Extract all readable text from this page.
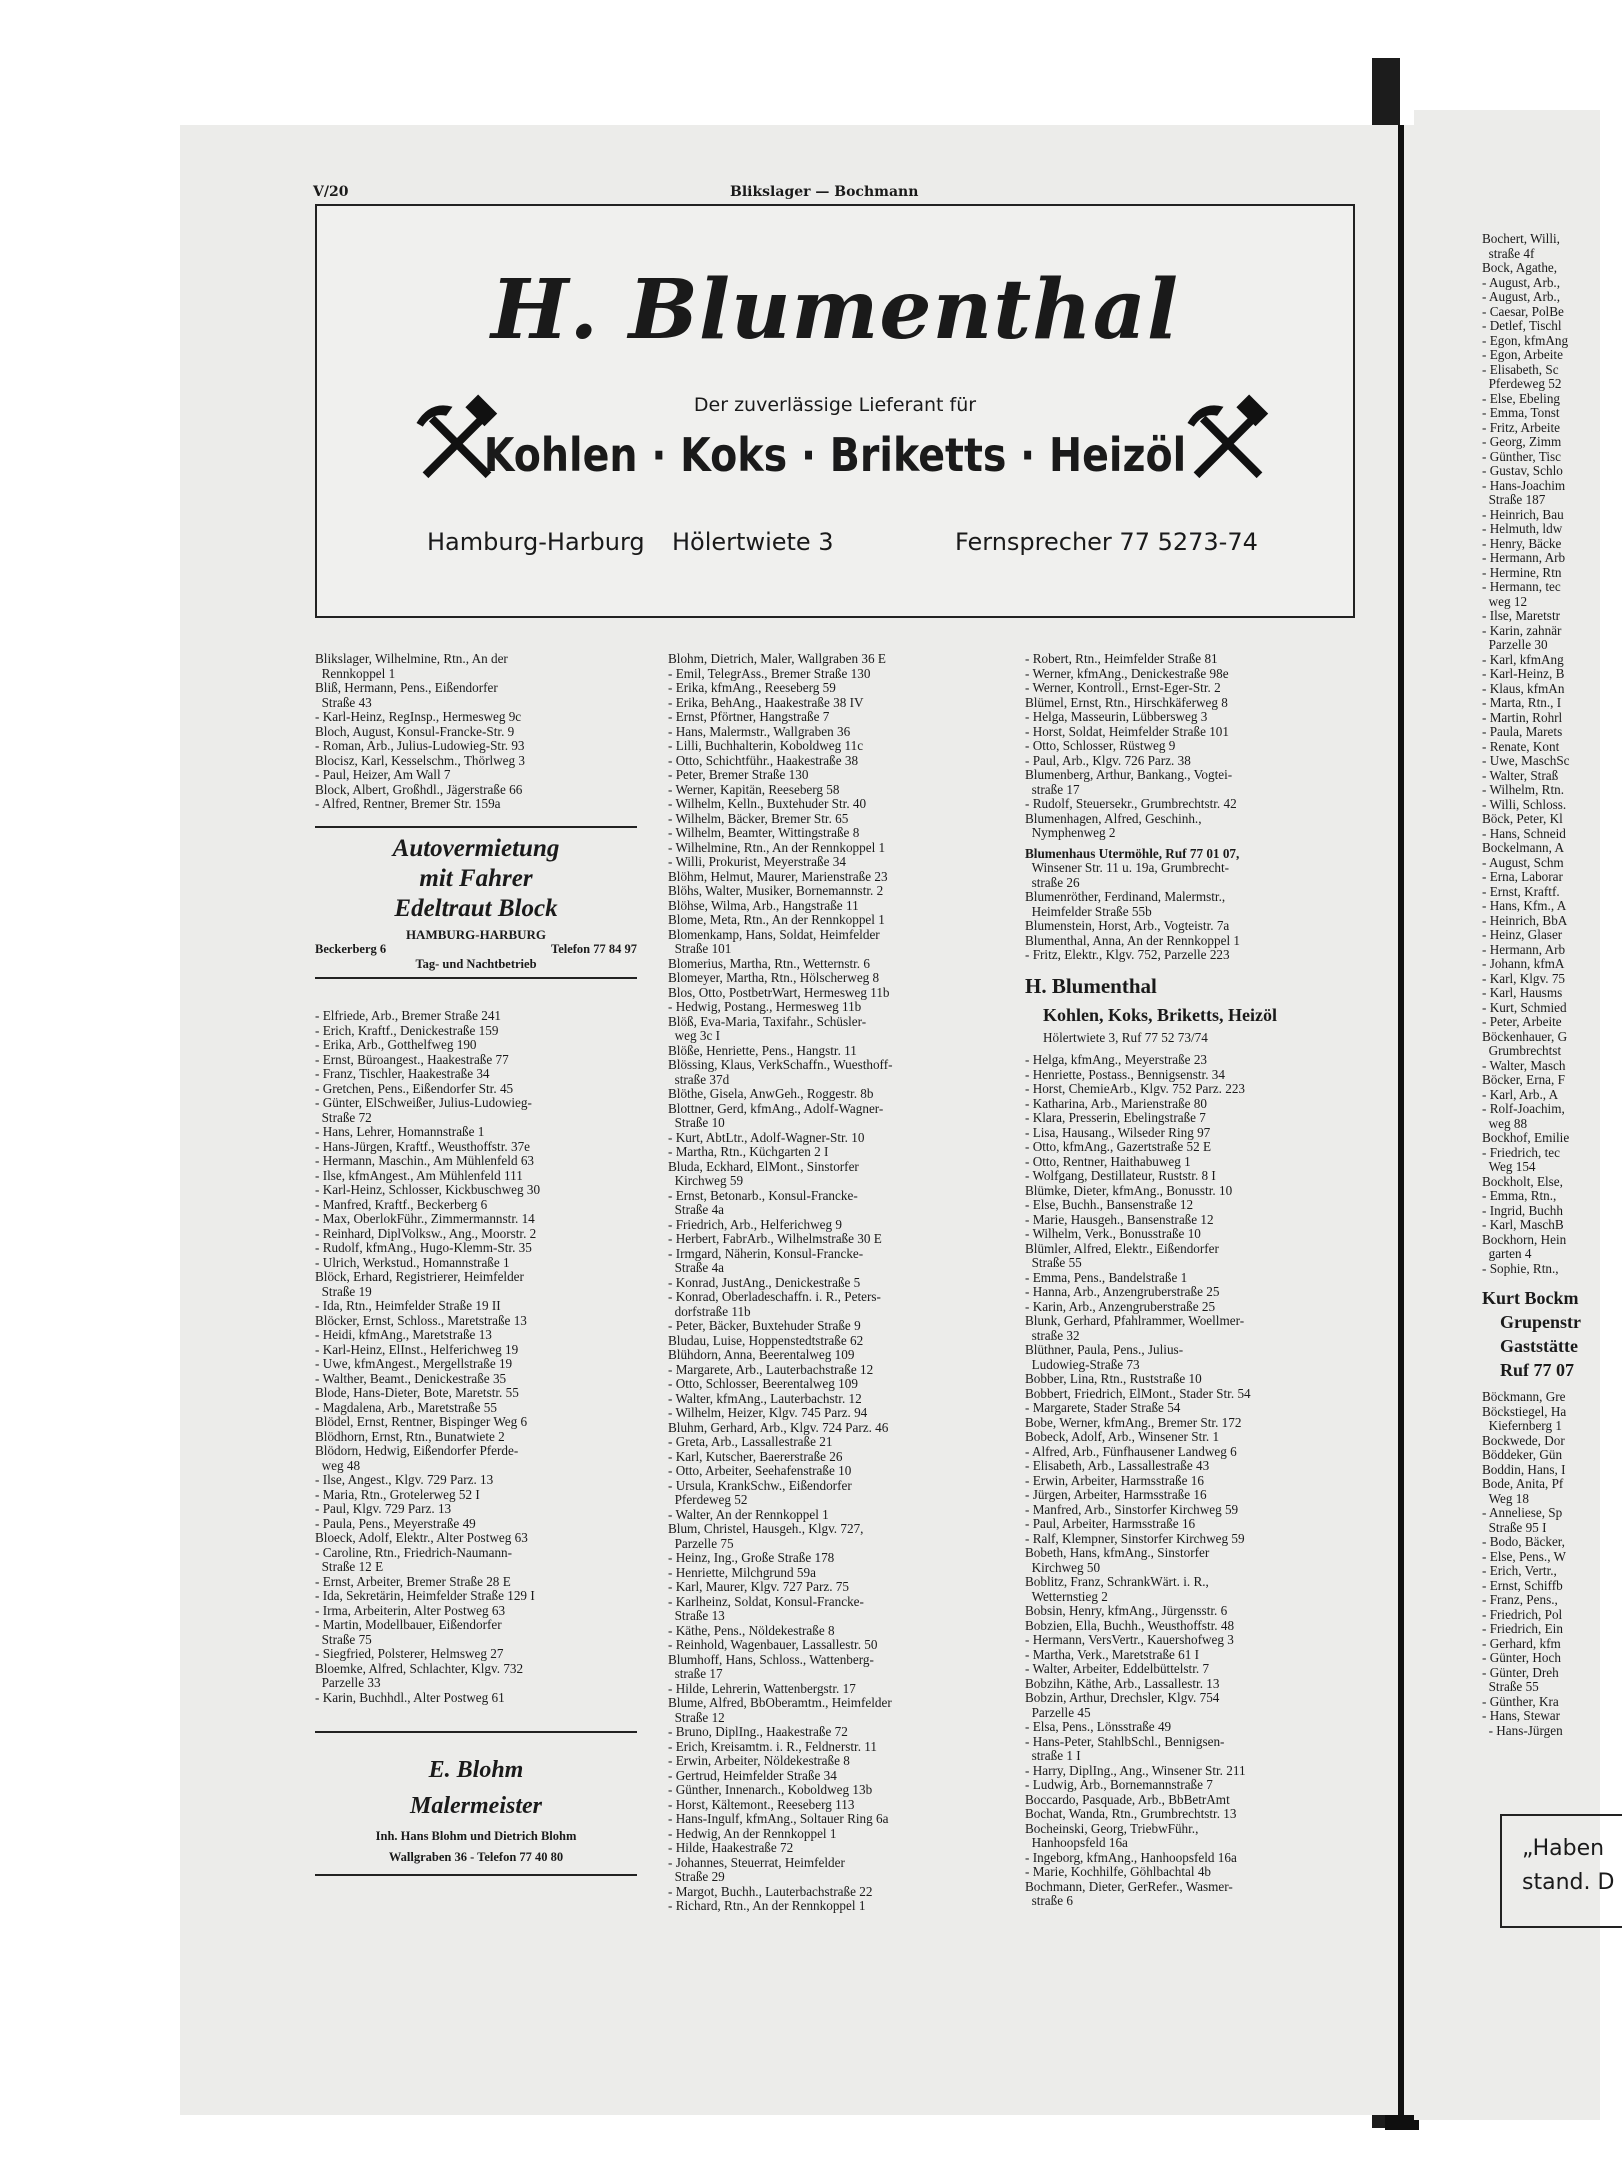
V/20	Blikslager — Bochmann
H. Blumenthal
Der zuverlässige Lieferant für
Kohlen · Koks · Briketts · Heizöl
Hamburg-Harburg Hölertwiete 3	Fernsprecher 77 5273-74
Blikslager, Wilhelmine, Rtn., An der
Rennkoppel 1
Bliß, Hermann, Pens., Eißendorfer
Straße 43
- Karl-Heinz, RegInsp., Hermesweg 9c
Bloch, August, Konsul-Francke-Str. 9
- Roman, Arb., Julius-Ludowieg-Str. 93
Blocisz, Karl, Kesselschm., Thörlweg 3
- Paul, Heizer, Am Wall 7
Block, Albert, Großhdl., Jägerstraße 66
- Alfred, Rentner, Bremer Str. 159a
Autovermietung
mit Fahrer
Edeltraut Block
HAMBURG-HARBURG
Beckerberg 6	Telefon 77 84 97
Tag- und Nachtbetrieb
- Elfriede, Arb., Bremer Straße 241
- Erich, Kraftf., Denickestraße 159
- Erika, Arb., Gotthelfweg 190
- Ernst, Büroangest., Haakestraße 77
- Franz, Tischler, Haakestraße 34
- Gretchen, Pens., Eißendorfer Str. 45
- Günter, ElSchweißer, Julius-Ludowieg-
Straße 72
- Hans, Lehrer, Homannstraße 1
- Hans-Jürgen, Kraftf., Weusthoffstr. 37e
- Hermann, Maschin., Am Mühlenfeld 63
- Ilse, kfmAngest., Am Mühlenfeld 111
- Karl-Heinz, Schlosser, Kickbuschweg 30
- Manfred, Kraftf., Beckerberg 6
- Max, OberlokFühr., Zimmermannstr. 14
- Reinhard, DiplVolksw., Ang., Moorstr. 2
- Rudolf, kfmAng., Hugo-Klemm-Str. 35
- Ulrich, Werkstud., Homannstraße 1
Blöck, Erhard, Registrierer, Heimfelder
Straße 19
- Ida, Rtn., Heimfelder Straße 19 II
Blöcker, Ernst, Schloss., Maretstraße 13
- Heidi, kfmAng., Maretstraße 13
- Karl-Heinz, ElInst., Helferichweg 19
- Uwe, kfmAngest., Mergellstraße 19
- Walther, Beamt., Denickestraße 35
Blode, Hans-Dieter, Bote, Maretstr. 55
- Magdalena, Arb., Maretstraße 55
Blödel, Ernst, Rentner, Bispinger Weg 6
Blödhorn, Ernst, Rtn., Bunatwiete 2
Blödorn, Hedwig, Eißendorfer Pferde-
weg 48
- Ilse, Angest., Klgv. 729 Parz. 13
- Maria, Rtn., Grotelerweg 52 I
- Paul, Klgv. 729 Parz. 13
- Paula, Pens., Meyerstraße 49
Bloeck, Adolf, Elektr., Alter Postweg 63
- Caroline, Rtn., Friedrich-Naumann-
Straße 12 E
- Ernst, Arbeiter, Bremer Straße 28 E
- Ida, Sekretärin, Heimfelder Straße 129 I
- Irma, Arbeiterin, Alter Postweg 63
- Martin, Modellbauer, Eißendorfer
Straße 75
- Siegfried, Polsterer, Helmsweg 27
Bloemke, Alfred, Schlachter, Klgv. 732
Parzelle 33
- Karin, Buchhdl., Alter Postweg 61
E. Blohm
Malermeister
Inh. Hans Blohm und Dietrich Blohm
Wallgraben 36 - Telefon 77 40 80
Blohm, Dietrich, Maler, Wallgraben 36 E
- Emil, TelegrAss., Bremer Straße 130
- Erika, kfmAng., Reeseberg 59
- Erika, BehAng., Haakestraße 38 IV
- Ernst, Pförtner, Hangstraße 7
- Hans, Malermstr., Wallgraben 36
- Lilli, Buchhalterin, Koboldweg 11c
- Otto, Schichtführ., Haakestraße 38
- Peter, Bremer Straße 130
- Werner, Kapitän, Reeseberg 58
- Wilhelm, Kelln., Buxtehuder Str. 40
- Wilhelm, Bäcker, Bremer Str. 65
- Wilhelm, Beamter, Wittingstraße 8
- Wilhelmine, Rtn., An der Rennkoppel 1
- Willi, Prokurist, Meyerstraße 34
Blöhm, Helmut, Maurer, Marienstraße 23
Blöhs, Walter, Musiker, Bornemannstr. 2
Blöhse, Wilma, Arb., Hangstraße 11
Blome, Meta, Rtn., An der Rennkoppel 1
Blomenkamp, Hans, Soldat, Heimfelder
Straße 101
Blomerius, Martha, Rtn., Wetternstr. 6
Blomeyer, Martha, Rtn., Hölscherweg 8
Blos, Otto, PostbetrWart, Hermesweg 11b
- Hedwig, Postang., Hermesweg 11b
Blöß, Eva-Maria, Taxifahr., Schüsler-
weg 3c I
Blöße, Henriette, Pens., Hangstr. 11
Blössing, Klaus, VerkSchaffn., Wuesthoff-
straße 37d
Blöthe, Gisela, AnwGeh., Roggestr. 8b
Blottner, Gerd, kfmAng., Adolf-Wagner-
Straße 10
- Kurt, AbtLtr., Adolf-Wagner-Str. 10
- Martha, Rtn., Küchgarten 2 I
Bluda, Eckhard, ElMont., Sinstorfer
Kirchweg 59
- Ernst, Betonarb., Konsul-Francke-
Straße 4a
- Friedrich, Arb., Helferichweg 9
- Herbert, FabrArb., Wilhelmstraße 30 E
- Irmgard, Näherin, Konsul-Francke-
Straße 4a
- Konrad, JustAng., Denickestraße 5
- Konrad, Oberladeschaffn. i. R., Peters-
dorfstraße 11b
- Peter, Bäcker, Buxtehuder Straße 9
Bludau, Luise, Hoppenstedtstraße 62
Blühdorn, Anna, Beerentalweg 109
- Margarete, Arb., Lauterbachstraße 12
- Otto, Schlosser, Beerentalweg 109
- Walter, kfmAng., Lauterbachstr. 12
- Wilhelm, Heizer, Klgv. 745 Parz. 94
Bluhm, Gerhard, Arb., Klgv. 724 Parz. 46
- Greta, Arb., Lassallestraße 21
- Karl, Kutscher, Baererstraße 26
- Otto, Arbeiter, Seehafenstraße 10
- Ursula, KrankSchw., Eißendorfer
Pferdeweg 52
- Walter, An der Rennkoppel 1
Blum, Christel, Hausgeh., Klgv. 727,
Parzelle 75
- Heinz, Ing., Große Straße 178
- Henriette, Milchgrund 59a
- Karl, Maurer, Klgv. 727 Parz. 75
- Karlheinz, Soldat, Konsul-Francke-
Straße 13
- Käthe, Pens., Nöldekestraße 8
- Reinhold, Wagenbauer, Lassallestr. 50
Blumhoff, Hans, Schloss., Wattenberg-
straße 17
- Hilde, Lehrerin, Wattenbergstr. 17
Blume, Alfred, BbOberamtm., Heimfelder
Straße 12
- Bruno, DiplIng., Haakestraße 72
- Erich, Kreisamtm. i. R., Feldnerstr. 11
- Erwin, Arbeiter, Nöldekestraße 8
- Gertrud, Heimfelder Straße 34
- Günther, Innenarch., Koboldweg 13b
- Horst, Kältemont., Reeseberg 113
- Hans-Ingulf, kfmAng., Soltauer Ring 6a
- Hedwig, An der Rennkoppel 1
- Hilde, Haakestraße 72
- Johannes, Steuerrat, Heimfelder
Straße 29
- Margot, Buchh., Lauterbachstraße 22
- Richard, Rtn., An der Rennkoppel 1
- Robert, Rtn., Heimfelder Straße 81
- Werner, kfmAng., Denickestraße 98e
- Werner, Kontroll., Ernst-Eger-Str. 2
Blümel, Ernst, Rtn., Hirschkäferweg 8
- Helga, Masseurin, Lübbersweg 3
- Horst, Soldat, Heimfelder Straße 101
- Otto, Schlosser, Rüstweg 9
- Paul, Arb., Klgv. 726 Parz. 38
Blumenberg, Arthur, Bankang., Vogtei-
straße 17
- Rudolf, Steuersekr., Grumbrechtstr. 42
Blumenhagen, Alfred, Geschinh.,
Nymphenweg 2
Blumenhaus Utermöhle, Ruf 77 01 07,
Winsener Str. 11 u. 19a, Grumbrecht-
straße 26
Blumenröther, Ferdinand, Malermstr.,
Heimfelder Straße 55b
Blumenstein, Horst, Arb., Vogteistr. 7a
Blumenthal, Anna, An der Rennkoppel 1
- Fritz, Elektr., Klgv. 752, Parzelle 223
H. Blumenthal
Kohlen, Koks, Briketts, Heizöl
Hölertwiete 3, Ruf 77 52 73/74
- Helga, kfmAng., Meyerstraße 23
- Henriette, Postass., Bennigsenstr. 34
- Horst, ChemieArb., Klgv. 752 Parz. 223
- Katharina, Arb., Marienstraße 80
- Klara, Presserin, Ebelingstraße 7
- Lisa, Hausang., Wilseder Ring 97
- Otto, kfmAng., Gazertstraße 52 E
- Otto, Rentner, Haithabuweg 1
- Wolfgang, Destillateur, Ruststr. 8 I
Blümke, Dieter, kfmAng., Bonusstr. 10
- Else, Buchh., Bansenstraße 12
- Marie, Hausgeh., Bansenstraße 12
- Wilhelm, Verk., Bonusstraße 10
Blümler, Alfred, Elektr., Eißendorfer
Straße 55
- Emma, Pens., Bandelstraße 1
- Hanna, Arb., Anzengruberstraße 25
- Karin, Arb., Anzengruberstraße 25
Blunk, Gerhard, Pfahlrammer, Woellmer-
straße 32
Blüthner, Paula, Pens., Julius-
Ludowieg-Straße 73
Bobber, Lina, Rtn., Ruststraße 10
Bobbert, Friedrich, ElMont., Stader Str. 54
- Margarete, Stader Straße 54
Bobe, Werner, kfmAng., Bremer Str. 172
Bobeck, Adolf, Arb., Winsener Str. 1
- Alfred, Arb., Fünfhausener Landweg 6
- Elisabeth, Arb., Lassallestraße 43
- Erwin, Arbeiter, Harmsstraße 16
- Jürgen, Arbeiter, Harmsstraße 16
- Manfred, Arb., Sinstorfer Kirchweg 59
- Paul, Arbeiter, Harmsstraße 16
- Ralf, Klempner, Sinstorfer Kirchweg 59
Bobeth, Hans, kfmAng., Sinstorfer
Kirchweg 50
Boblitz, Franz, SchrankWärt. i. R.,
Wetternstieg 2
Bobsin, Henry, kfmAng., Jürgensstr. 6
Bobzien, Ella, Buchh., Weusthoffstr. 48
- Hermann, VersVertr., Kauershofweg 3
- Martha, Verk., Maretstraße 61 I
- Walter, Arbeiter, Eddelbüttelstr. 7
Bobzihn, Käthe, Arb., Lassallestr. 13
Bobzin, Arthur, Drechsler, Klgv. 754
Parzelle 45
- Elsa, Pens., Lönsstraße 49
- Hans-Peter, StahlbSchl., Bennigsen-
straße 1 I
- Harry, DiplIng., Ang., Winsener Str. 211
- Ludwig, Arb., Bornemannstraße 7
Boccardo, Pasquade, Arb., BbBetrAmt
Bochat, Wanda, Rtn., Grumbrechtstr. 13
Bocheinski, Georg, TriebwFühr.,
Hanhoopsfeld 16a
- Ingeborg, kfmAng., Hanhoopsfeld 16a
- Marie, Kochhilfe, Göhlbachtal 4b
Bochmann, Dieter, GerRefer., Wasmer-
straße 6
Bochert, Willi,
straße 4f
Bock, Agathe,
- August, Arb.,
- August, Arb.,
- Caesar, PolBe
- Detlef, Tischl
- Egon, kfmAng
- Egon, Arbeite
- Elisabeth, Sc
Pferdeweg 52
- Else, Ebeling
- Emma, Tonst
- Fritz, Arbeite
- Georg, Zimm
- Günther, Tisc
- Gustav, Schlo
- Hans-Joachim
Straße 187
- Heinrich, Bau
- Helmuth, ldw
- Henry, Bäcke
- Hermann, Arb
- Hermine, Rtn
- Hermann, tec
weg 12
- Ilse, Maretstr
- Karin, zahnär
Parzelle 30
- Karl, kfmAng
- Karl-Heinz, B
- Klaus, kfmAn
- Marta, Rtn., I
- Martin, Rohrl
- Paula, Marets
- Renate, Kont
- Uwe, MaschSc
- Walter, Straß
- Wilhelm, Rtn.
- Willi, Schloss.
Böck, Peter, Kl
- Hans, Schneid
Bockelmann, A
- August, Schm
- Erna, Laborar
- Ernst, Kraftf.
- Hans, Kfm., A
- Heinrich, BbA
- Heinz, Glaser
- Hermann, Arb
- Johann, kfmA
- Karl, Klgv. 75
- Karl, Hausms
- Kurt, Schmied
- Peter, Arbeite
Böckenhauer, G
Grumbrechtst
- Walter, Masch
Böcker, Erna, F
- Karl, Arb., A
- Rolf-Joachim,
weg 88
Bockhof, Emilie
- Friedrich, tec
Weg 154
Bockholt, Else,
- Emma, Rtn.,
- Ingrid, Buchh
- Karl, MaschB
Bockhorn, Hein
garten 4
- Sophie, Rtn.,
Kurt Bockm
Grupenstr
Gaststätte
Ruf 77 07
Böckmann, Gre
Böckstiegel, Ha
Kiefernberg 1
Bockwede, Dor
Böddeker, Gün
Boddin, Hans, I
Bode, Anita, Pf
Weg 18
- Anneliese, Sp
Straße 95 I
- Bodo, Bäcker,
- Else, Pens., W
- Erich, Vertr.,
- Ernst, Schiffb
- Franz, Pens.,
- Friedrich, Pol
- Friedrich, Ein
- Gerhard, kfm
- Günter, Hoch
- Günter, Dreh
Straße 55
- Günther, Kra
- Hans, Stewar
- Hans-Jürgen
„Haben
stand. D
